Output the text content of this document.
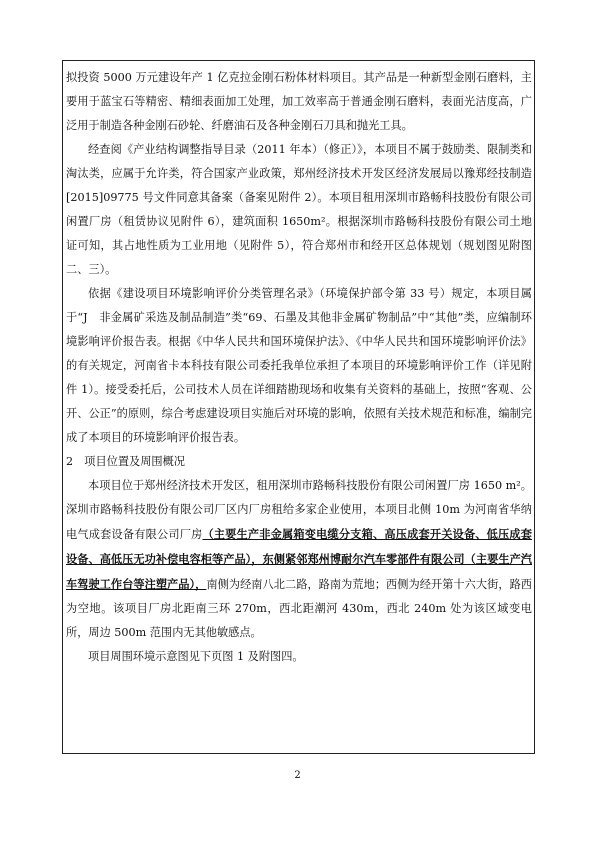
拟投资 5000 万元建设年产 1 亿克拉金刚石粉体材料项目。其产品是一种新型金刚石磨料，主要用于蓝宝石等精密、精细表面加工处理，加工效率高于普通金刚石磨料，表面光洁度高，广泛用于制造各种金刚石砂轮、纤磨油石及各种金刚石刀具和抛光工具。

经查阅《产业结构调整指导目录（2011 年本）（修正）》，本项目不属于鼓励类、限制类和淘汰类，应属于允许类，符合国家产业政策，郑州经济技术开发区经济发展局以豫郑经技制造[2015]09775 号文件同意其备案（备案见附件 2）。本项目租用深圳市路畅科技股份有限公司闲置厂房（租赁协议见附件 6），建筑面积 1650m²。根据深圳市路畅科技股份有限公司土地证可知，其占地性质为工业用地（见附件 5），符合郑州市和经开区总体规划（规划图见附图二、三）。

依据《建设项目环境影响评价分类管理名录》（环境保护部令第 33 号）规定，本项目属于“J　非金属矿采选及制品制造”类“69、石墨及其他非金属矿物制品”中“其他”类，应编制环境影响评价报告表。根据《中华人民共和国环境保护法》、《中华人民共和国环境影响评价法》的有关规定，河南省卡本科技有限公司委托我单位承担了本项目的环境影响评价工作（详见附件 1）。接受委托后，公司技术人员在详细踏勘现场和收集有关资料的基础上，按照“客观、公开、公正”的原则，综合考虑建设项目实施后对环境的影响，依照有关技术规范和标准，编制完成了本项目的环境影响评价报告表。

2　项目位置及周围概况

本项目位于郑州经济技术开发区，租用深圳市路畅科技股份有限公司闲置厂房 1650 m²。深圳市路畅科技股份有限公司厂区内厂房租给多家企业使用，本项目北侧 10m 为河南省华纳电气成套设备有限公司厂房（主要生产非金属箱变电缆分支箱、高压成套开关设备、低压成套设备、高低压无功补偿电容柜等产品），东侧紧邻郑州博耐尔汽车零部件有限公司（主要生产汽车驾驶工作台等注塑产品），南侧为经南八北二路，路南为荒地；西侧为经开第十六大街，路西为空地。该项目厂房北距南三环 270m，西北距潮河 430m，西北 240m 处为该区域变电所，周边 500m 范围内无其他敏感点。

项目周围环境示意图见下页图 1 及附图四。

2
